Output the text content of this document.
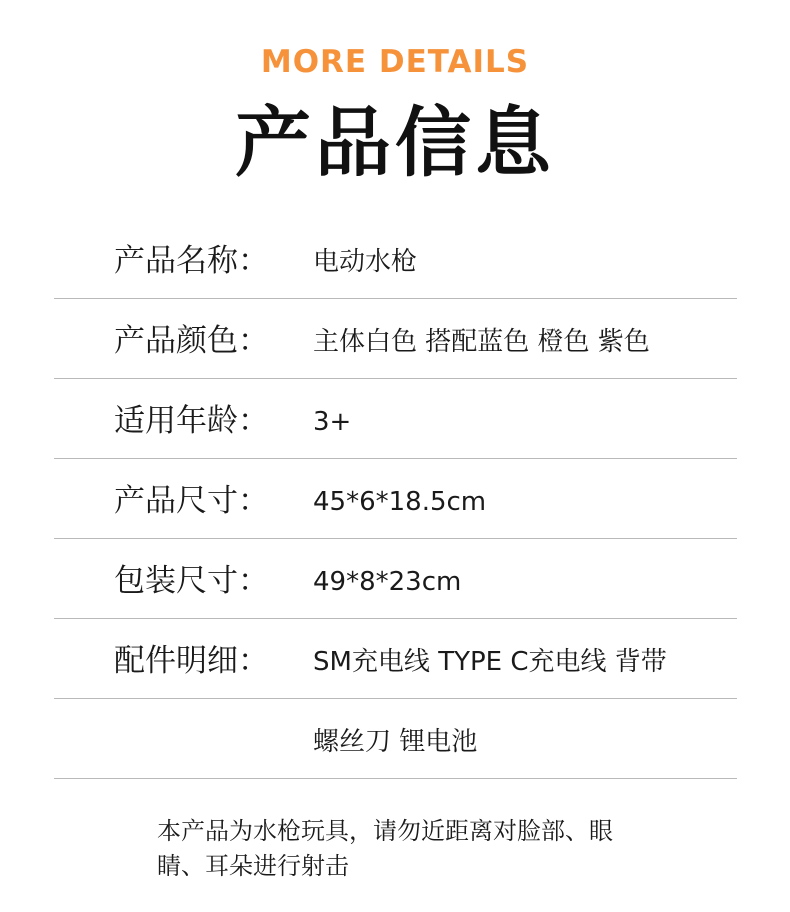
MORE DETAILS
产品信息
产品名称： 电动水枪
产品颜色： 主体白色 搭配蓝色 橙色 紫色
适用年龄： 3+
产品尺寸： 45*6*18.5cm
包装尺寸： 49*8*23cm
配件明细： SM充电线 TYPE C充电线 背带
螺丝刀 锂电池
本产品为水枪玩具，请勿近距离对脸部、眼
睛、耳朵进行射击
